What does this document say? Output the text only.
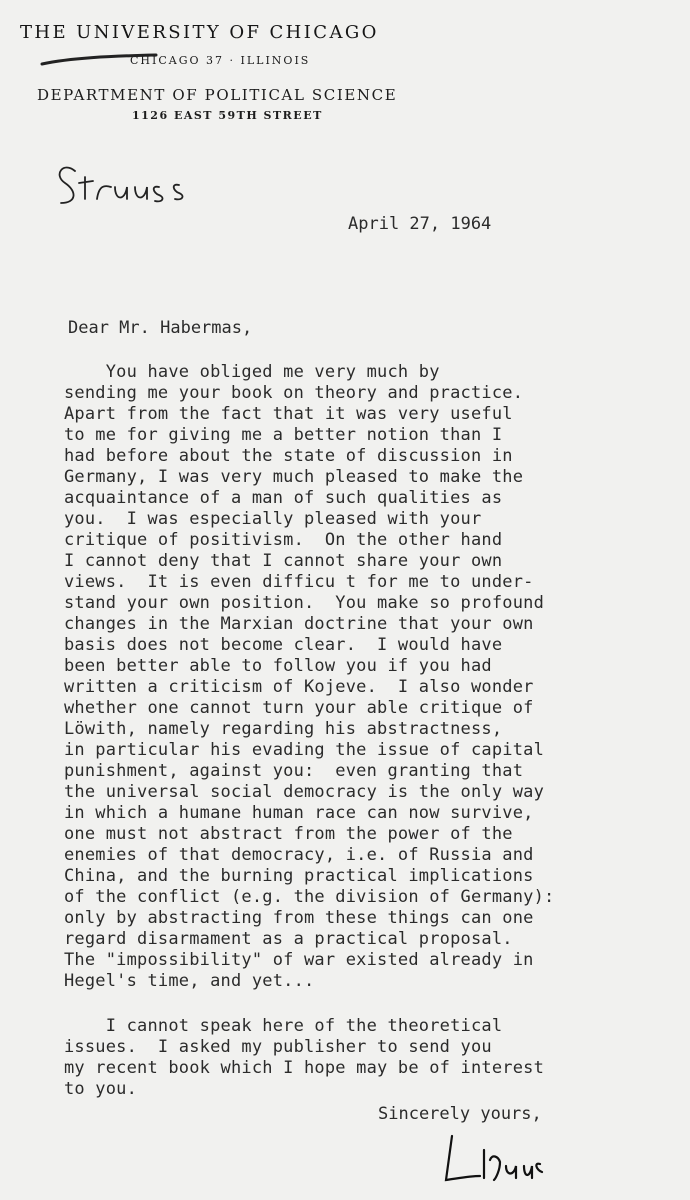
THE UNIVERSITY OF CHICAGO
CHICAGO 37 · ILLINOIS
DEPARTMENT OF POLITICAL SCIENCE
1126 EAST 59TH STREET
April 27, 1964
Dear Mr. Habermas,
You have obliged me very much by
sending me your book on theory and practice.
Apart from the fact that it was very useful
to me for giving me a better notion than I
had before about the state of discussion in
Germany, I was very much pleased to make the
acquaintance of a man of such qualities as
you.  I was especially pleased with your
critique of positivism.  On the other hand
I cannot deny that I cannot share your own
views.  It is even difficu t for me to under-
stand your own position.  You make so profound
changes in the Marxian doctrine that your own
basis does not become clear.  I would have
been better able to follow you if you had
written a criticism of Kojeve.  I also wonder
whether one cannot turn your able critique of
Löwith, namely regarding his abstractness,
in particular his evading the issue of capital
punishment, against you:  even granting that
the universal social democracy is the only way
in which a humane human race can now survive,
one must not abstract from the power of the
enemies of that democracy, i.e. of Russia and
China, and the burning practical implications
of the conflict (e.g. the division of Germany):
only by abstracting from these things can one
regard disarmament as a practical proposal.
The "impossibility" of war existed already in
Hegel's time, and yet...
I cannot speak here of the theoretical
issues.  I asked my publisher to send you
my recent book which I hope may be of interest
to you.
Sincerely yours,
